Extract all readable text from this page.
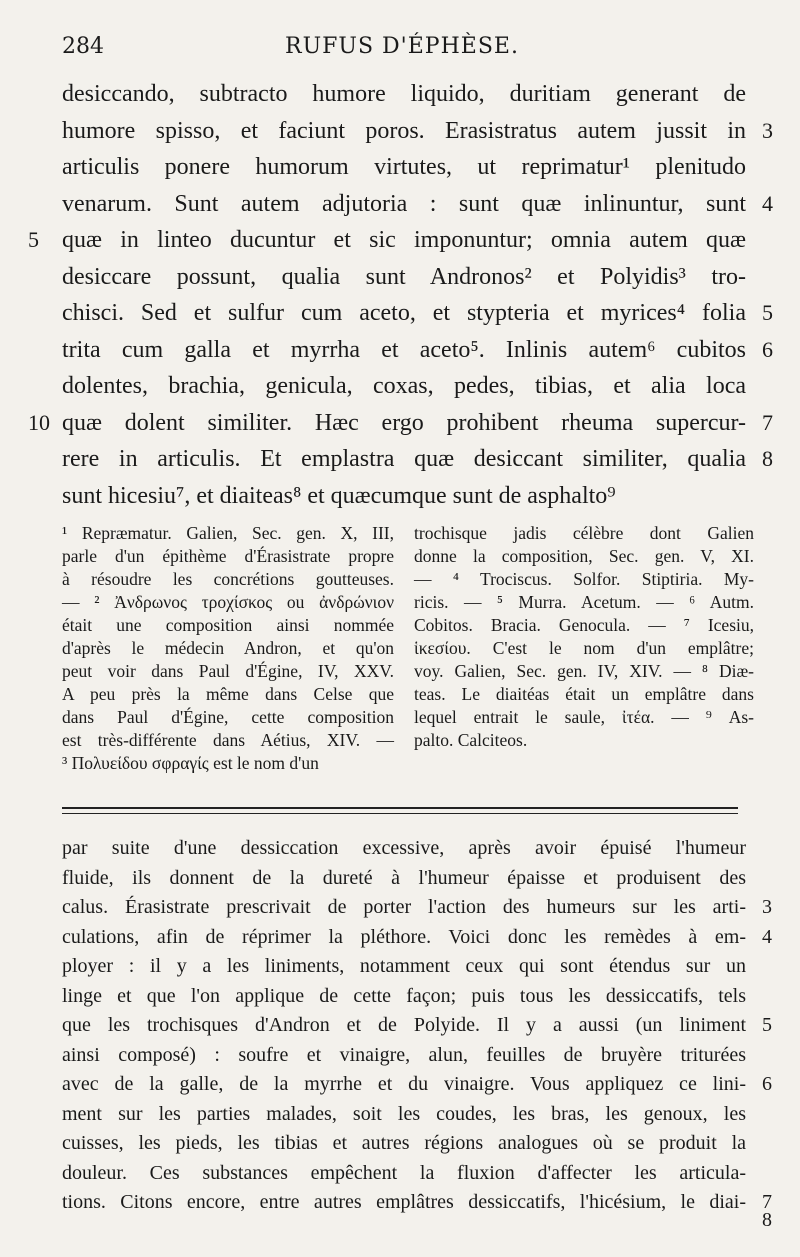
284	RUFUS D'ÉPHÈSE.
desiccando, subtracto humore liquido, duritiam generant de
humore spisso, et faciunt poros. Erasistratus autem jussit in 3
articulis ponere humorum virtutes, ut reprimatur¹ plenitudo
venarum. Sunt autem adjutoria : sunt quæ inlinuntur, sunt 4
5 quæ in linteo ducuntur et sic imponuntur; omnia autem quæ
desiccare possunt, qualia sunt Andronos² et Polyidis³ tro-
chisci. Sed et sulfur cum aceto, et stypteria et myrices⁴ folia 5
trita cum galla et myrrha et aceto⁵. Inlinis autem⁶ cubitos 6
dolentes, brachia, genicula, coxas, pedes, tibias, et alia loca
10 quæ dolent similiter. Hæc ergo prohibent rheuma supercur- 7
rere in articulis. Et emplastra quæ desiccant similiter, qualia 8
sunt hicesiu⁷, et diaiteas⁸ et quæcumque sunt de asphalto⁹
¹ Repræmatur. Galien, Sec. gen. X, III,
parle d'un épithème d'Érasistrate propre
à résoudre les concrétions goutteuses.
— ² Ἀνδρωνος τροχίσκος ou ἀνδρώνιον
était une composition ainsi nommée
d'après le médecin Andron, et qu'on
peut voir dans Paul d'Égine, IV, XXV.
A peu près la même dans Celse que
dans Paul d'Égine, cette composition
est très-différente dans Aétius, XIV. —
³ Πολυείδου σφραγίς est le nom d'un
trochisque jadis célèbre dont Galien
donne la composition, Sec. gen. V, XI.
— ⁴ Trociscus. Solfor. Stiptiria. My-
ricis. — ⁵ Murra. Acetum. — ⁶ Autm.
Cobitos. Bracia. Genocula. — ⁷ Icesiu,
ἱκεσίου. C'est le nom d'un emplâtre;
voy. Galien, Sec. gen. IV, XIV. — ⁸ Diæ-
teas. Le diaitéas était un emplâtre dans
lequel entrait le saule, ἰτέα. — ⁹ As-
palto. Calciteos.
par suite d'une dessiccation excessive, après avoir épuisé l'humeur
fluide, ils donnent de la dureté à l'humeur épaisse et produisent des
calus. Érasistrate prescrivait de porter l'action des humeurs sur les arti- 3
culations, afin de réprimer la pléthore. Voici donc les remèdes à em- 4
ployer : il y a les liniments, notamment ceux qui sont étendus sur un
linge et que l'on applique de cette façon; puis tous les dessiccatifs, tels
que les trochisques d'Andron et de Polyide. Il y a aussi (un liniment 5
ainsi composé) : soufre et vinaigre, alun, feuilles de bruyère triturées
avec de la galle, de la myrrhe et du vinaigre. Vous appliquez ce lini- 6
ment sur les parties malades, soit les coudes, les bras, les genoux, les
cuisses, les pieds, les tibias et autres régions analogues où se produit la
douleur. Ces substances empêchent la fluxion d'affecter les articula-
tions. Citons encore, entre autres emplâtres dessiccatifs, l'hicésium, le diai- 7
8
